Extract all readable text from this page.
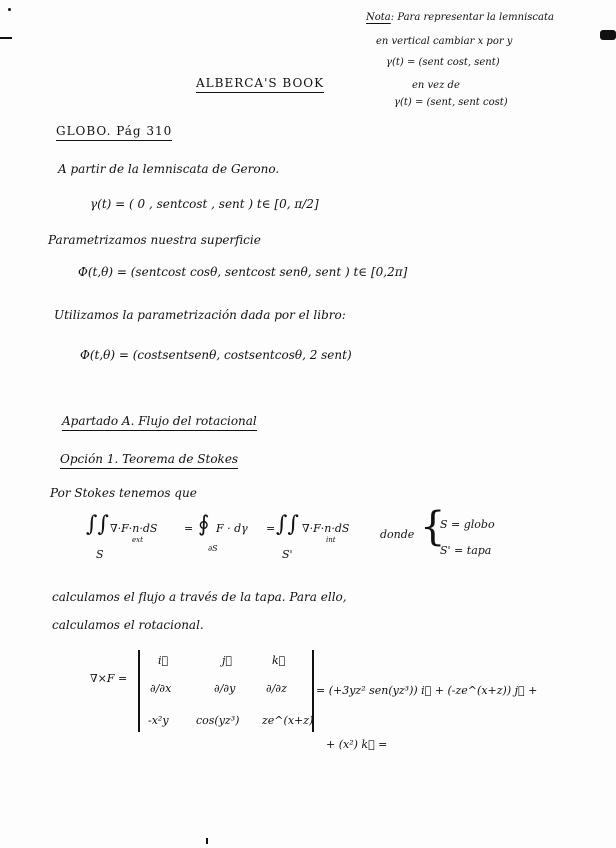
Nota: Para representar la lemniscata
en vertical cambiar x por y
γ(t) = (sent cost, sent)
en vez de
γ(t) = (sent, sent cost)
ALBERCA'S BOOK
GLOBO. Pág 310
A partir de la lemniscata de Gerono.
γ(t) = ( 0 , sentcost , sent ) t∈ [0, π/2]
Parametrizamos nuestra superficie
Φ(t,θ) = (sentcost cosθ, sentcost senθ, sent ) t∈ [0,2π]
Utilizamos la parametrización dada por el libro:
Φ(t,θ) = (costsentsenθ, costsentcosθ, 2 sent)
Apartado A. Flujo del rotacional
Opción 1. Teorema de Stokes
Por Stokes tenemos que
∫∫
S
∇·F·n·dS
ext
= ∮ F · dγ
∂S
= ∫∫
S'
∇·F·n·dS
int	donde {
S = globo
S' = tapa
calculamos el flujo a través de la tapa. Para ello,
calculamos el rotacional.
∇×F =
i⃗	j⃗	k⃗
∂/∂x	∂/∂y	∂/∂z
-x²y cos(yz³) ze^(x+z)
= (+3yz² sen(yz³)) i⃗ + (-ze^(x+z)) j⃗ +
+ (x²) k⃗ =
